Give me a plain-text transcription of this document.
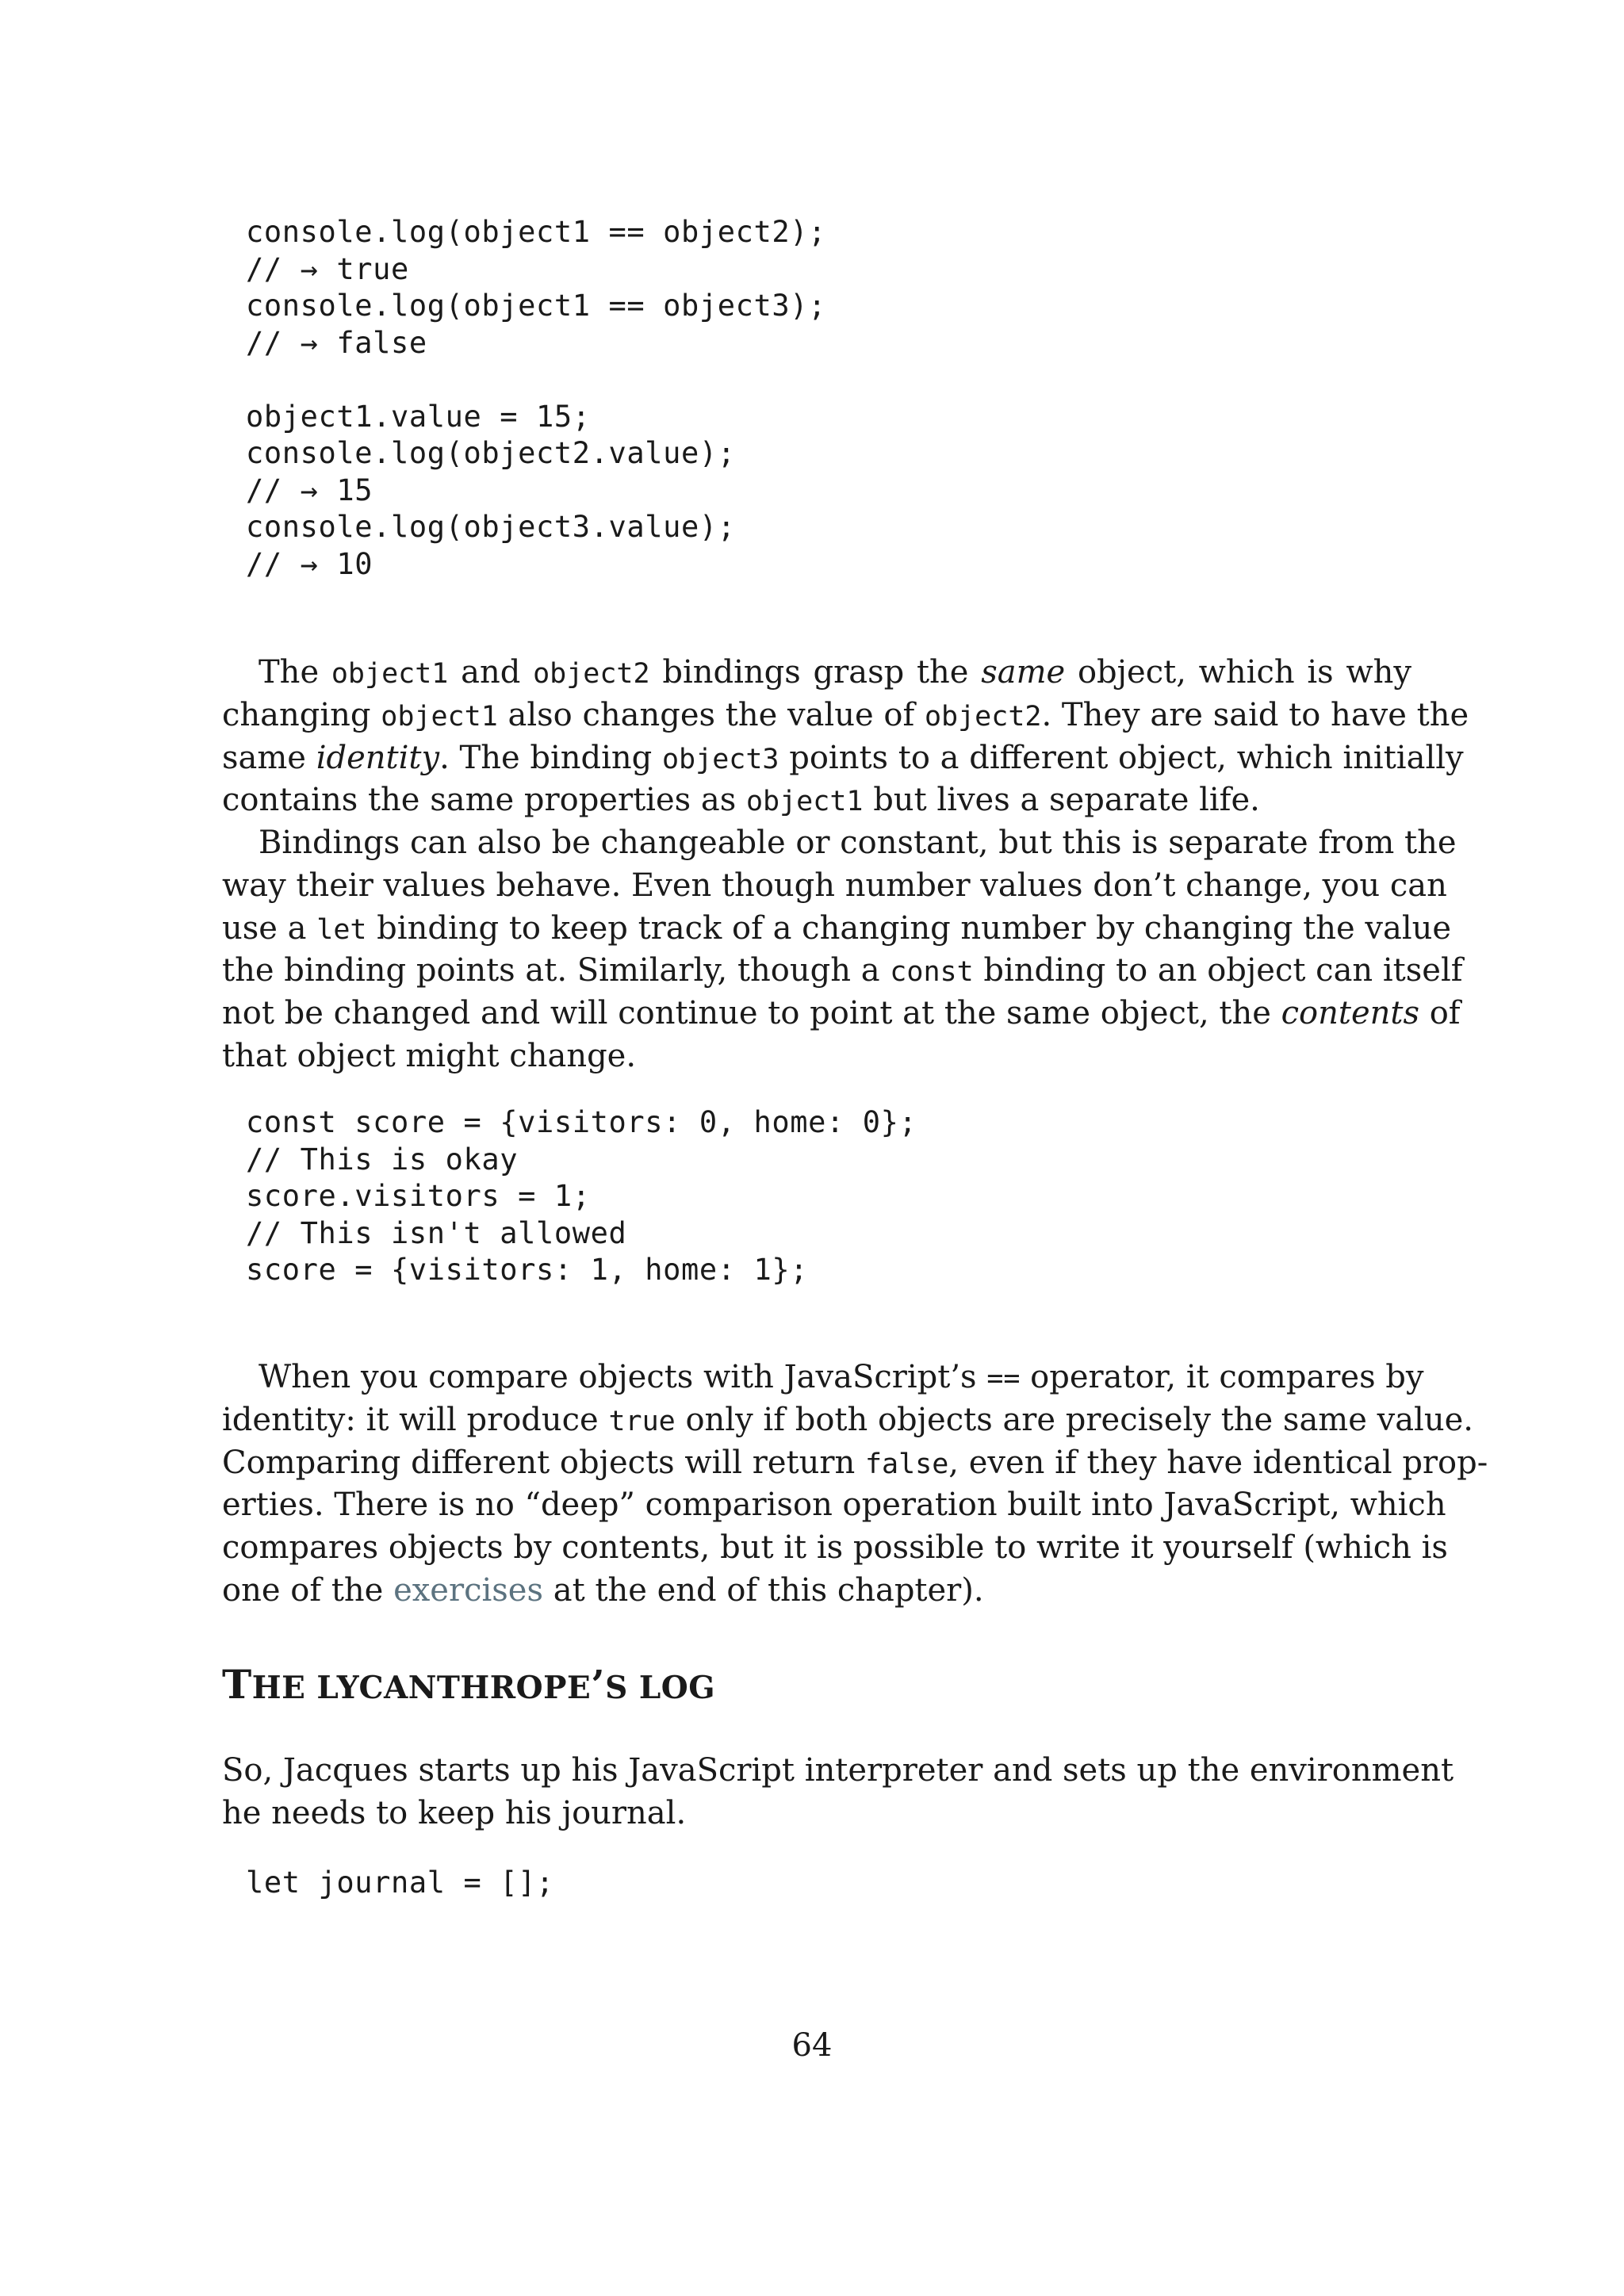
console.log(object1 == object2);
// → true
console.log(object1 == object3);
// → false
object1.value = 15;
console.log(object2.value);
// → 15
console.log(object3.value);
// → 10
The object1 and object2 bindings grasp the same object, which is why
changing object1 also changes the value of object2. They are said to have the
same identity. The binding object3 points to a different object, which initially
contains the same properties as object1 but lives a separate life.
Bindings can also be changeable or constant, but this is separate from the
way their values behave. Even though number values don’t change, you can
use a let binding to keep track of a changing number by changing the value
the binding points at. Similarly, though a const binding to an object can itself
not be changed and will continue to point at the same object, the contents of
that object might change.
const score = {visitors: 0, home: 0};
// This is okay
score.visitors = 1;
// This isn't allowed
score = {visitors: 1, home: 1};
When you compare objects with JavaScript’s == operator, it compares by
identity: it will produce true only if both objects are precisely the same value.
Comparing different objects will return false, even if they have identical prop-
erties. There is no “deep” comparison operation built into JavaScript, which
compares objects by contents, but it is possible to write it yourself (which is
one of the exercises at the end of this chapter).
THE LYCANTHROPE’S LOG
So, Jacques starts up his JavaScript interpreter and sets up the environment
he needs to keep his journal.
let journal = [];
64
